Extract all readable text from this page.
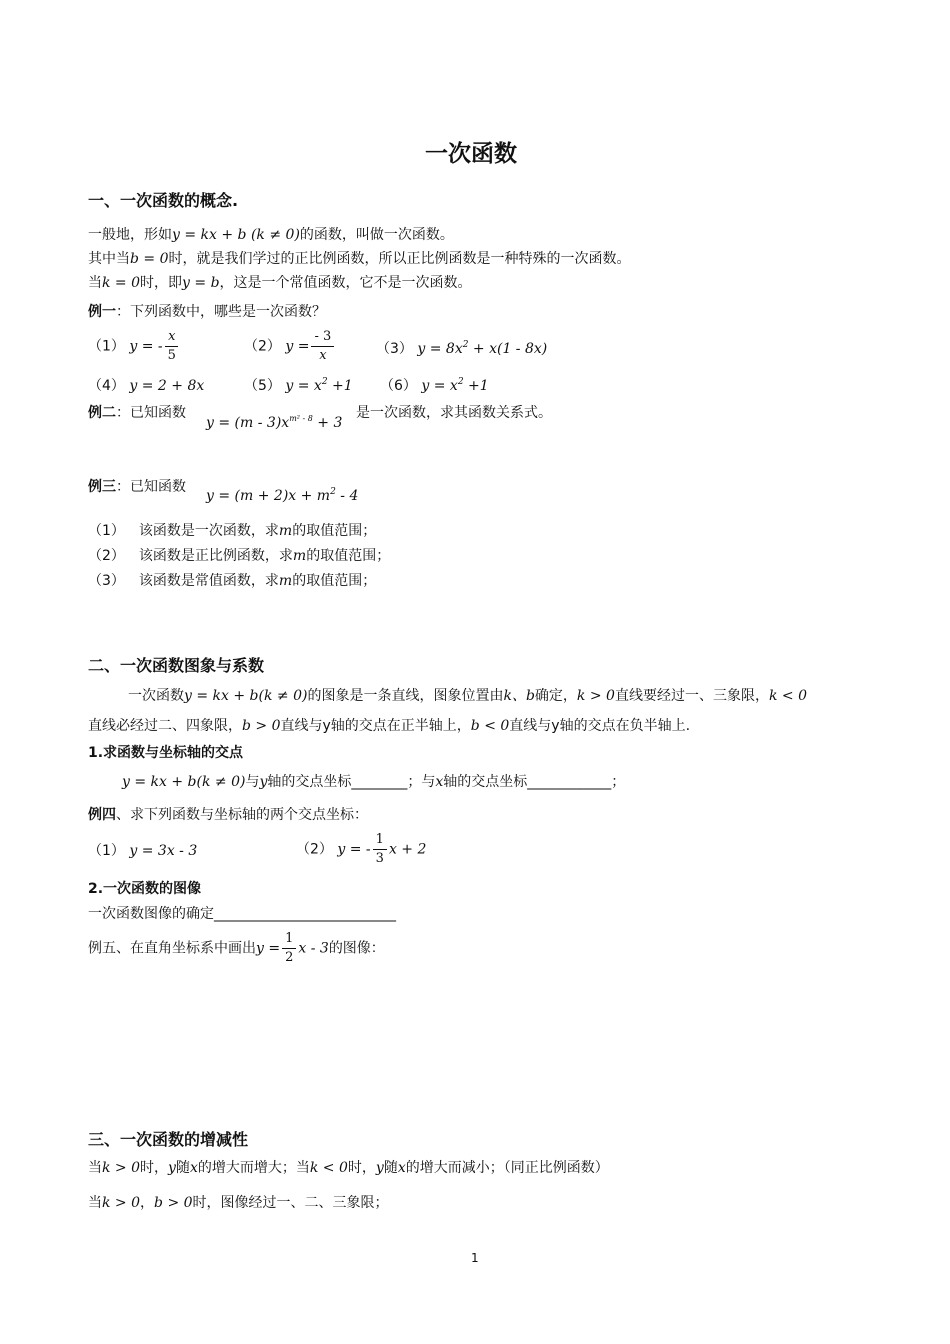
一次函数
一、一次函数的概念.
一般地，形如y = kx + b (k ≠ 0)的函数，叫做一次函数。
其中当b = 0时，就是我们学过的正比例函数，所以正比例函数是一种特殊的一次函数。
当k = 0时，即y = b，这是一个常值函数，它不是一次函数。
例一：下列函数中，哪些是一次函数？
（1） y = - $\frac{x}{5}$	（2） $y = \frac{- 3}{x}$	（3） $y = 8x^2 + x(1 - 8x)$
（4） y = 2 + 8x	（5） $y = x^2 +1$ （6） $y = x^2 +1$
例二：已知函数
$y = (m - 3)x^{m^2 - 8} + 3$
是一次函数，求其函数关系式。
例三：已知函数
$y = (m + 2)x + m^2 - 4$
（1） 该函数是一次函数，求m的取值范围；
（2） 该函数是正比例函数，求m的取值范围；
（3） 该函数是常值函数，求m的取值范围；
二、一次函数图象与系数
一次函数y = kx + b(k ≠ 0)的图象是一条直线，图象位置由k、b确定，k > 0直线要经过一、三象限，k < 0
直线必经过二、四象限，b > 0直线与y轴的交点在正半轴上，b < 0直线与y轴的交点在负半轴上.
1.求函数与坐标轴的交点
y = kx + b(k ≠ 0)与y轴的交点坐标________；与x轴的交点坐标____________；
例四、求下列函数与坐标轴的两个交点坐标：
（1） y = 3x - 3	（2） y = - $\frac{1}{3}$ x + 2
2.一次函数的图像
一次函数图像的确定__________________________
例五、在直角坐标系中画出$y = \frac{1}{2}$ x - 3的图像：
三、一次函数的增减性
当k > 0时，y随x的增大而增大；当k < 0时，y随x的增大而减小；（同正比例函数）
当k > 0，b > 0时，图像经过一、二、三象限；
1
